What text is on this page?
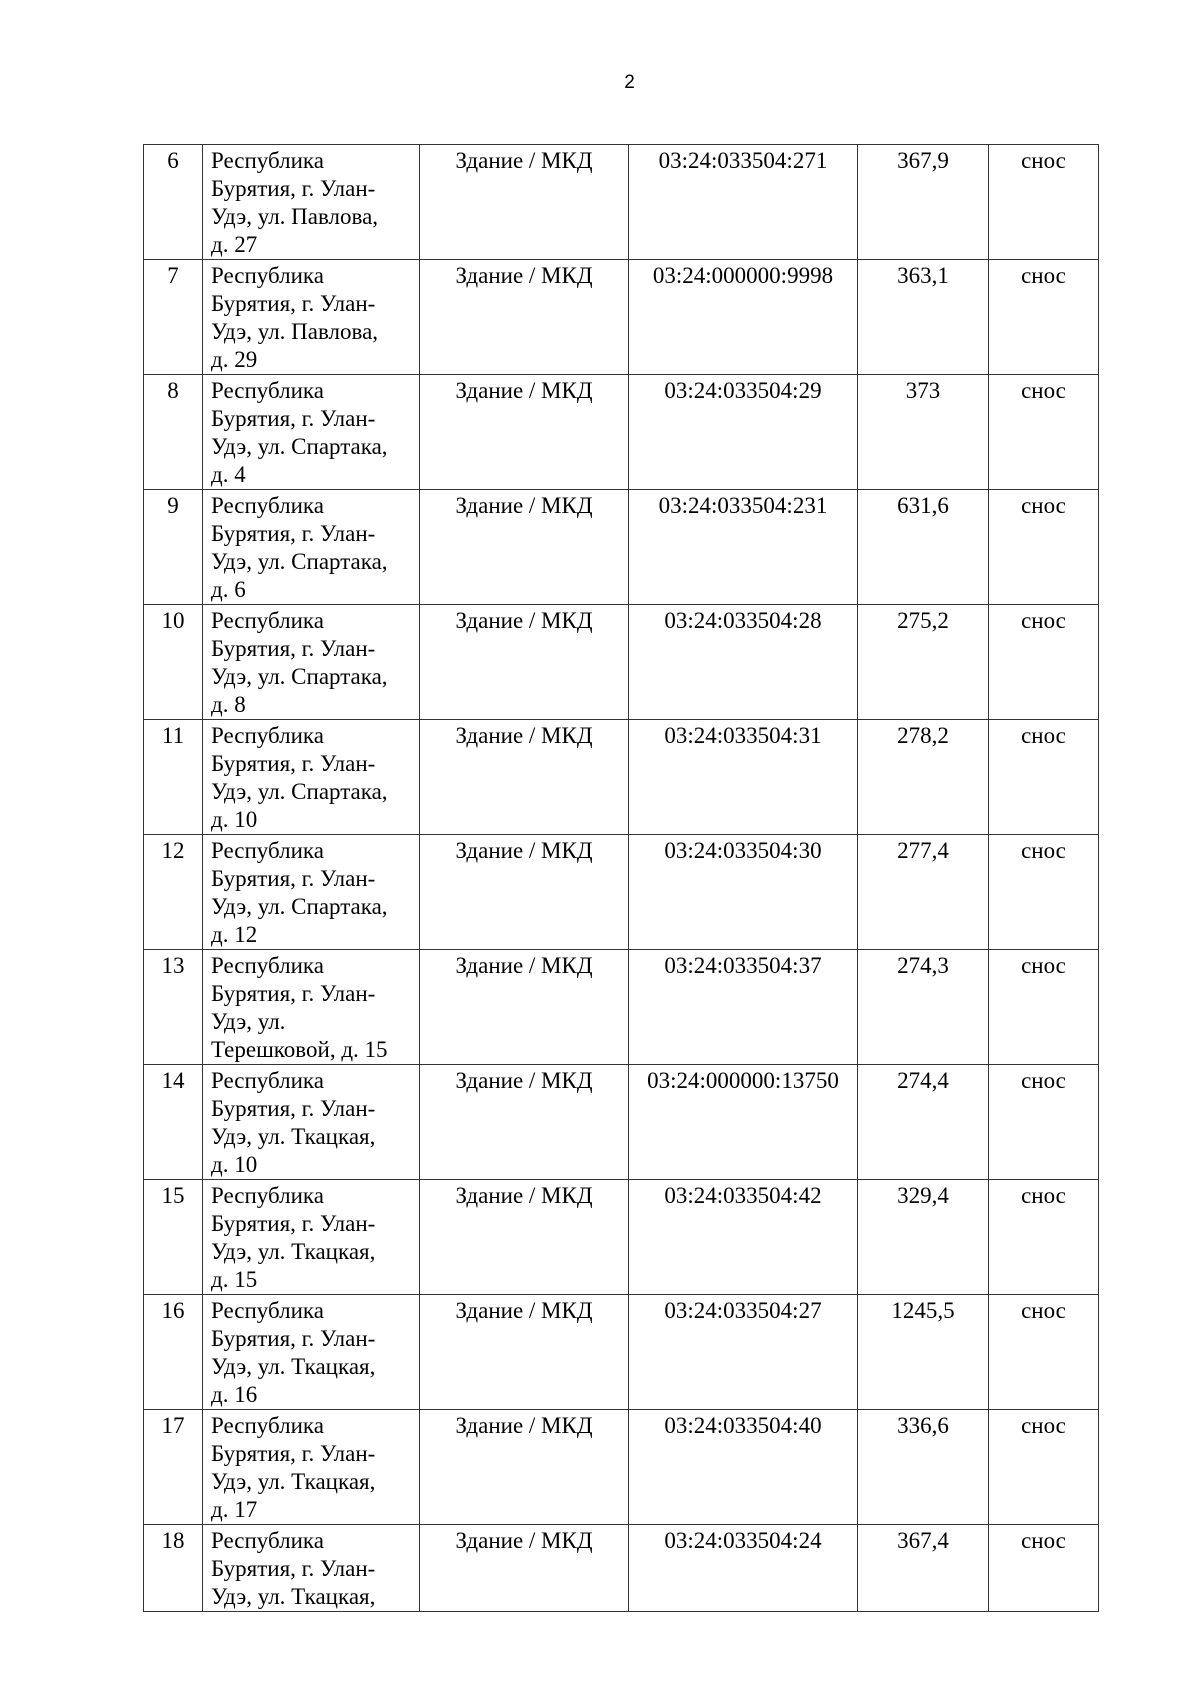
2
6	Республика
Бурятия, г. Улан-
Удэ, ул. Павлова,
д. 27	Здание / МКД	03:24:033504:271	367,9	снос
7	Республика
Бурятия, г. Улан-
Удэ, ул. Павлова,
д. 29	Здание / МКД	03:24:000000:9998	363,1	снос
8	Республика
Бурятия, г. Улан-
Удэ, ул. Спартака,
д. 4	Здание / МКД	03:24:033504:29	373	снос
9	Республика
Бурятия, г. Улан-
Удэ, ул. Спартака,
д. 6	Здание / МКД	03:24:033504:231	631,6	снос
10	Республика
Бурятия, г. Улан-
Удэ, ул. Спартака,
д. 8	Здание / МКД	03:24:033504:28	275,2	снос
11	Республика
Бурятия, г. Улан-
Удэ, ул. Спартака,
д. 10	Здание / МКД	03:24:033504:31	278,2	снос
12	Республика
Бурятия, г. Улан-
Удэ, ул. Спартака,
д. 12	Здание / МКД	03:24:033504:30	277,4	снос
13	Республика
Бурятия, г. Улан-
Удэ, ул.
Терешковой, д. 15	Здание / МКД	03:24:033504:37	274,3	снос
14	Республика
Бурятия, г. Улан-
Удэ, ул. Ткацкая,
д. 10	Здание / МКД	03:24:000000:13750	274,4	снос
15	Республика
Бурятия, г. Улан-
Удэ, ул. Ткацкая,
д. 15	Здание / МКД	03:24:033504:42	329,4	снос
16	Республика
Бурятия, г. Улан-
Удэ, ул. Ткацкая,
д. 16	Здание / МКД	03:24:033504:27	1245,5	снос
17	Республика
Бурятия, г. Улан-
Удэ, ул. Ткацкая,
д. 17	Здание / МКД	03:24:033504:40	336,6	снос
18	Республика
Бурятия, г. Улан-
Удэ, ул. Ткацкая,	Здание / МКД	03:24:033504:24	367,4	снос
